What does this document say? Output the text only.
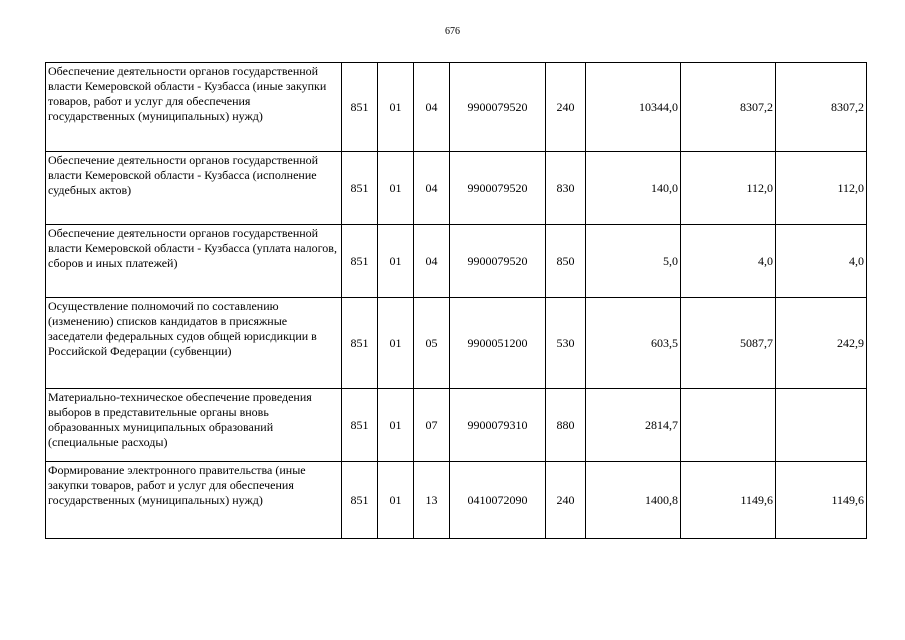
676
Обеспечение деятельности органов государственной власти Кемеровской области - Кузбасса (иные закупки товаров, работ и услуг для обеспечения государственных (муниципальных) нужд)	851	01	04	9900079520	240	10344,0	8307,2	8307,2
Обеспечение деятельности органов государственной власти Кемеровской области - Кузбасса (исполнение судебных актов)	851	01	04	9900079520	830	140,0	112,0	112,0
Обеспечение деятельности органов государственной власти Кемеровской области - Кузбасса (уплата налогов, сборов и иных платежей)	851	01	04	9900079520	850	5,0	4,0	4,0
Осуществление полномочий по составлению (изменению) списков кандидатов в присяжные заседатели федеральных судов общей юрисдикции в Российской Федерации (субвенции)	851	01	05	9900051200	530	603,5	5087,7	242,9
Материально-техническое обеспечение проведения выборов в представительные органы вновь образованных муниципальных образований (специальные расходы)	851	01	07	9900079310	880	2814,7		
Формирование электронного правительства (иные закупки товаров, работ и услуг для обеспечения государственных (муниципальных) нужд)	851	01	13	0410072090	240	1400,8	1149,6	1149,6
